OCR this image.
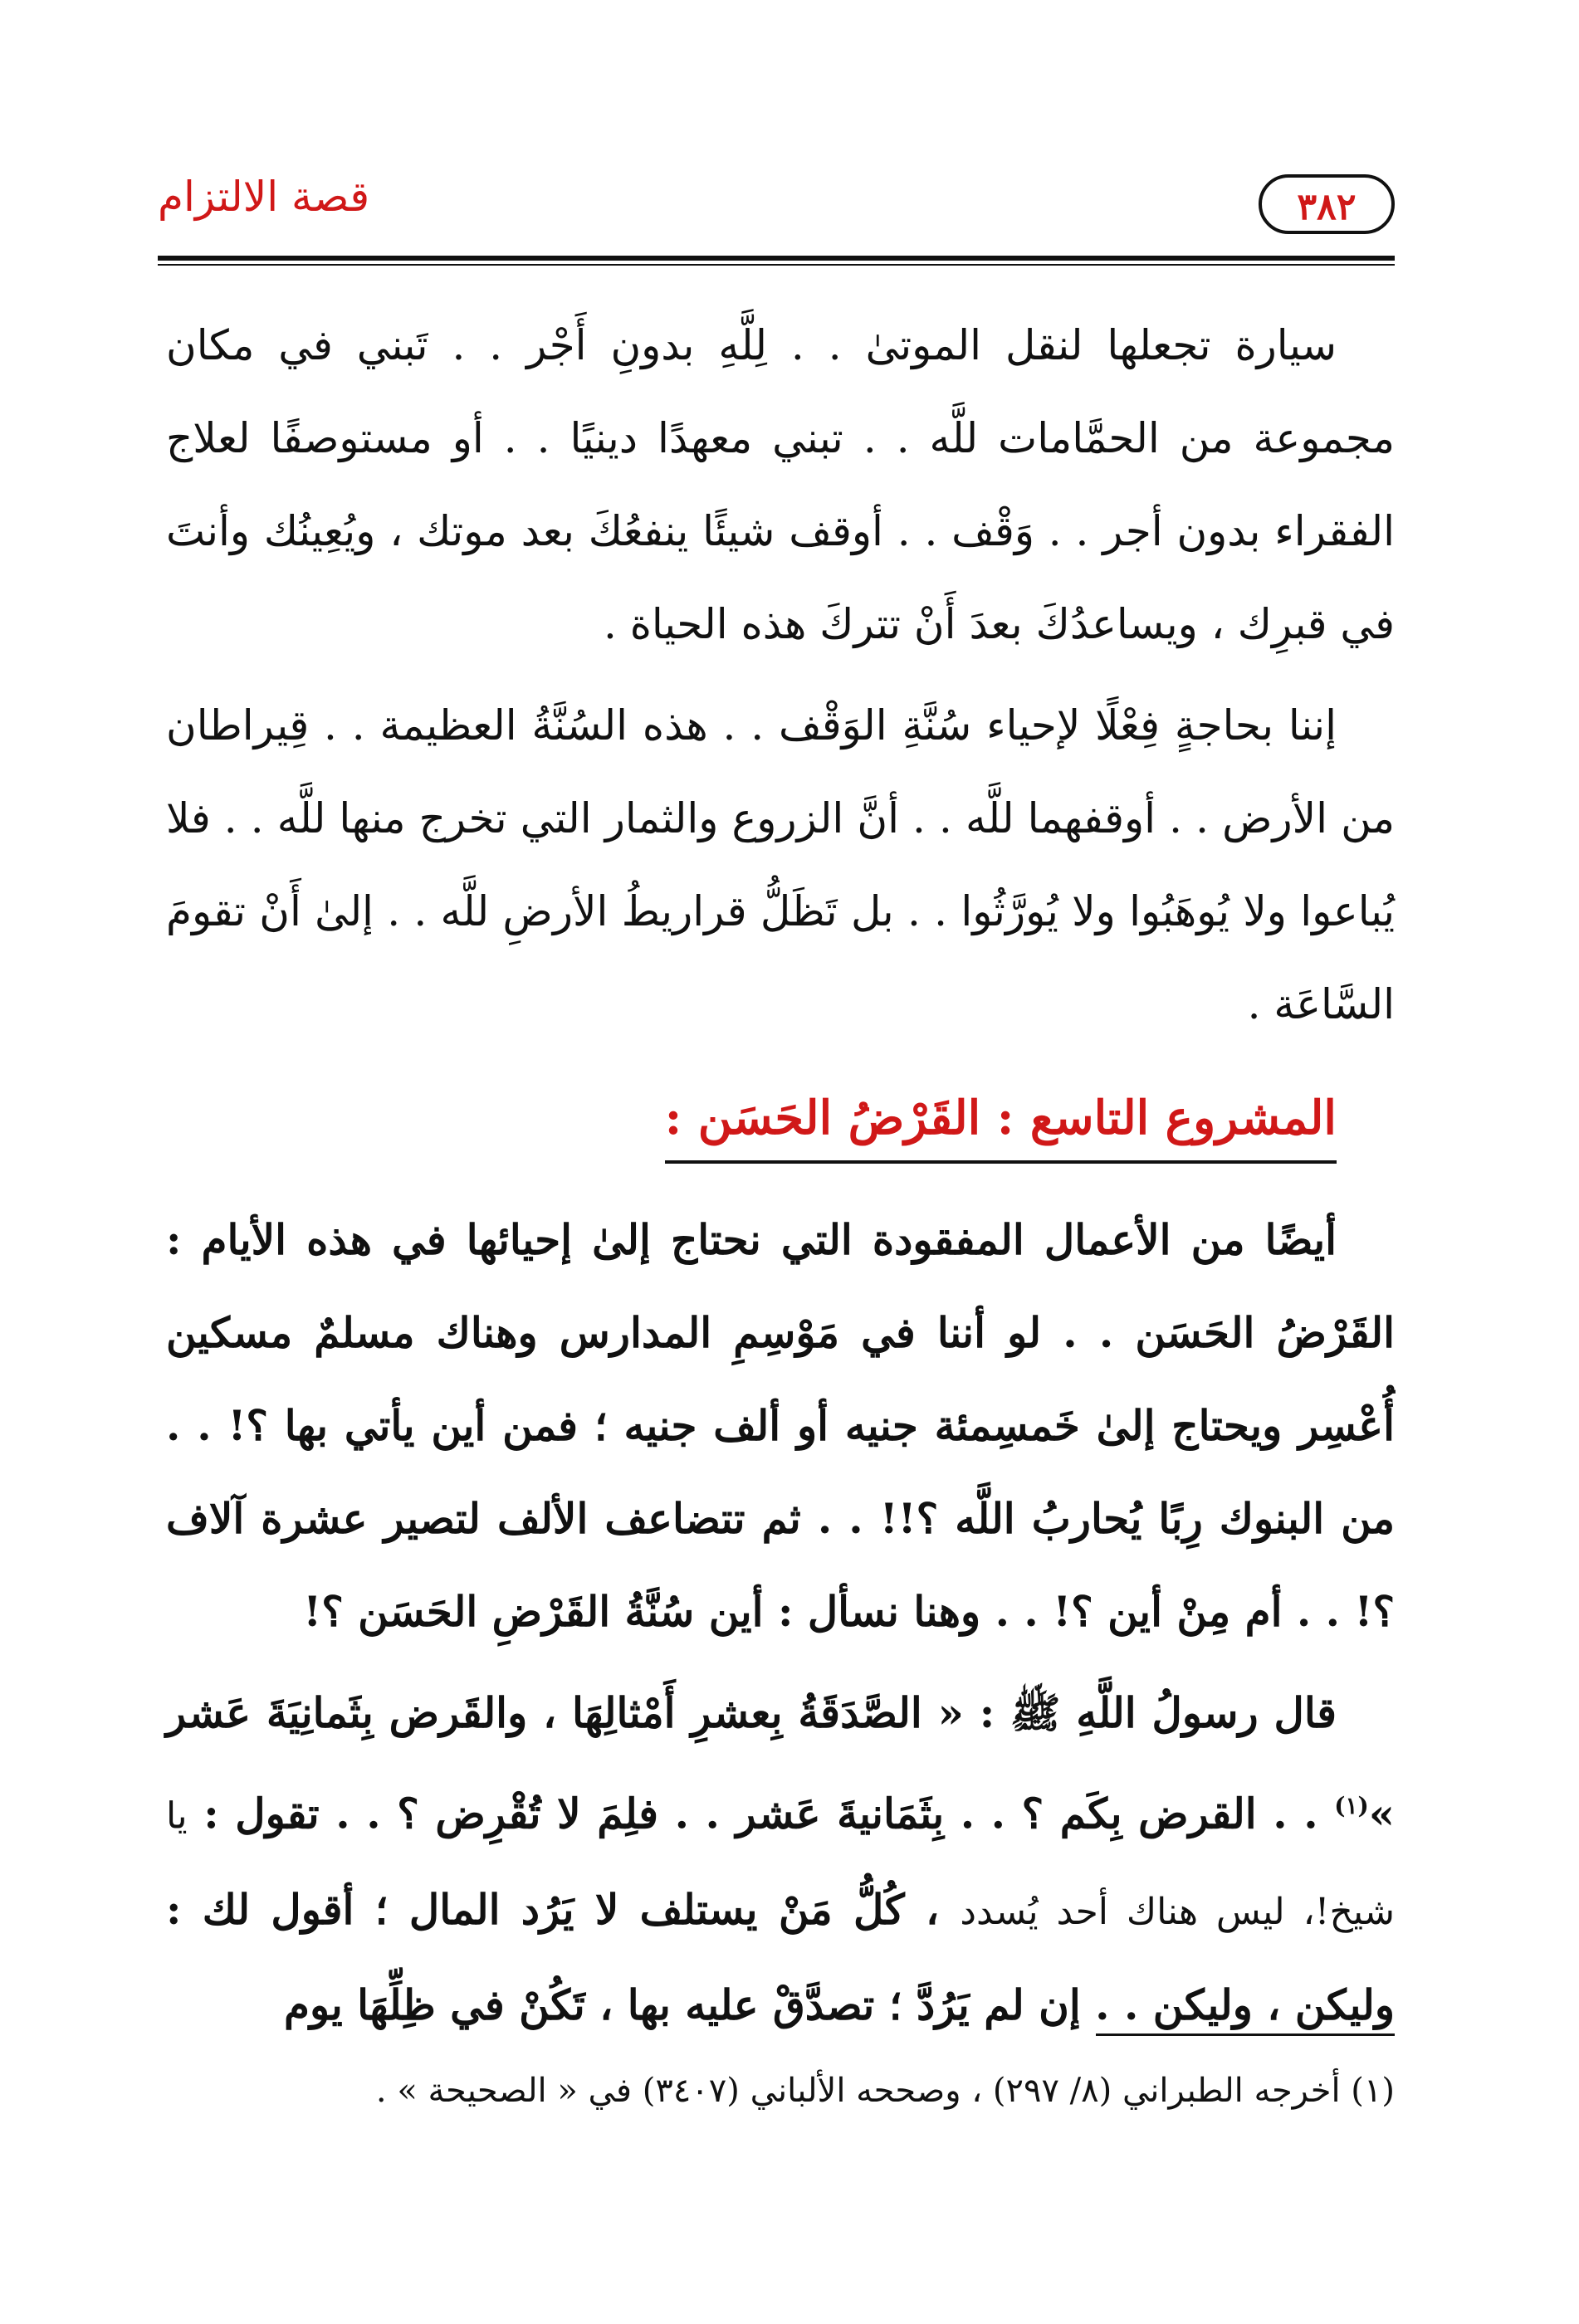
قصة الالتزام	٣٨٢

سيارة تجعلها لنقل الموتىٰ . . لِلَّهِ بدونِ أَجْر . . تَبني في مكان مجموعة من الحمَّامات للَّه . . تبني معهدًا دينيًا . . أو مستوصفًا لعلاج الفقراء بدون أجر . . وَقْف . . أوقف شيئًا ينفعُكَ بعد موتك ، ويُعِينُك وأنتَ في قبرِك ، ويساعدُكَ بعدَ أَنْ تتركَ هذه الحياة .

إننا بحاجةٍ فِعْلًا لإحياء سُنَّةِ الوَقْف . . هذه السُنَّةُ العظيمة . . قِيراطان من الأرض . . أوقفهما للَّه . . أنَّ الزروع والثمار التي تخرج منها للَّه . . فلا يُباعوا ولا يُوهَبُوا ولا يُورَّثُوا . . بل تَظَلُّ قراريطُ الأرضِ للَّه . . إلىٰ أَنْ تقومَ السَّاعَة .

المشروع التاسع : القَرْضُ الحَسَن :

أيضًا من الأعمال المفقودة التي نحتاج إلىٰ إحيائها في هذه الأيام : القَرْضُ الحَسَن . . لو أننا في مَوْسِمِ المدارس وهناك مسلمٌ مسكين أُعْسِر ويحتاج إلىٰ خَمسِمئة جنيه أو ألف جنيه ؛ فمن أين يأتي بها ؟! . . من البنوك رِبًا يُحاربُ اللَّه ؟!! . . ثم تتضاعف الألف لتصير عشرة آلاف ؟! . . أم مِنْ أين ؟! . . وهنا نسأل : أين سُنَّةُ القَرْضِ الحَسَن ؟!

قال رسولُ اللَّهِ ﷺ : « الصَّدَقَةُ بِعشرِ أَمْثالِهَا ، والقَرض بِثَمانِيَةَ عَشر »$^{(١)}$ . . القرض بِكَم ؟ . . بِثَمَانيةَ عَشر . . فلِمَ لا تُقْرِض ؟ . . تقول : يا شيخ!، ليس هناك أحد يُسدد ، كُلُّ مَنْ يستلف لا يَرُد المال ؛ أقول لك : وليكن ، وليكن . . إن لم يَرُدَّ ؛ تصدَّقْ عليه بها ، تَكُنْ في ظِلِّهَا يوم

(١) أخرجه الطبراني (٨/ ٢٩٧) ، وصححه الألباني (٣٤٠٧) في « الصحيحة » .
